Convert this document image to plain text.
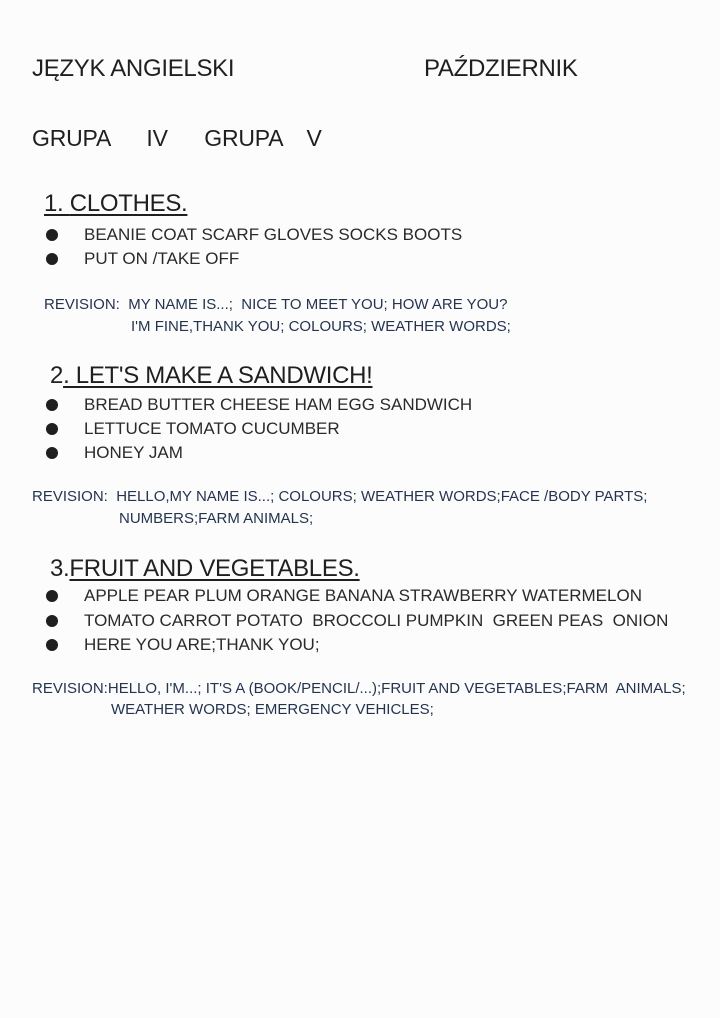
JĘZYK ANGIELSKI	PAŹDZIERNIK
GRUPA   IV   GRUPA  V
1. CLOTHES.
BEANIE COAT SCARF GLOVES SOCKS BOOTS
PUT ON /TAKE OFF
REVISION:  MY NAME IS...;  NICE TO MEET YOU; HOW ARE YOU?
I'M FINE,THANK YOU; COLOURS; WEATHER WORDS;
2. LET'S MAKE A SANDWICH!
BREAD BUTTER CHEESE HAM EGG SANDWICH
LETTUCE TOMATO CUCUMBER
HONEY JAM
REVISION:  HELLO,MY NAME IS...; COLOURS; WEATHER WORDS;FACE /BODY PARTS;
NUMBERS;FARM ANIMALS;
3.FRUIT AND VEGETABLES.
APPLE PEAR PLUM ORANGE BANANA STRAWBERRY WATERMELON
TOMATO CARROT POTATO  BROCCOLI PUMPKIN  GREEN PEAS  ONION
HERE YOU ARE;THANK YOU;
REVISION:HELLO, I'M...; IT'S A (BOOK/PENCIL/...);FRUIT AND VEGETABLES;FARM  ANIMALS;
WEATHER WORDS; EMERGENCY VEHICLES;
